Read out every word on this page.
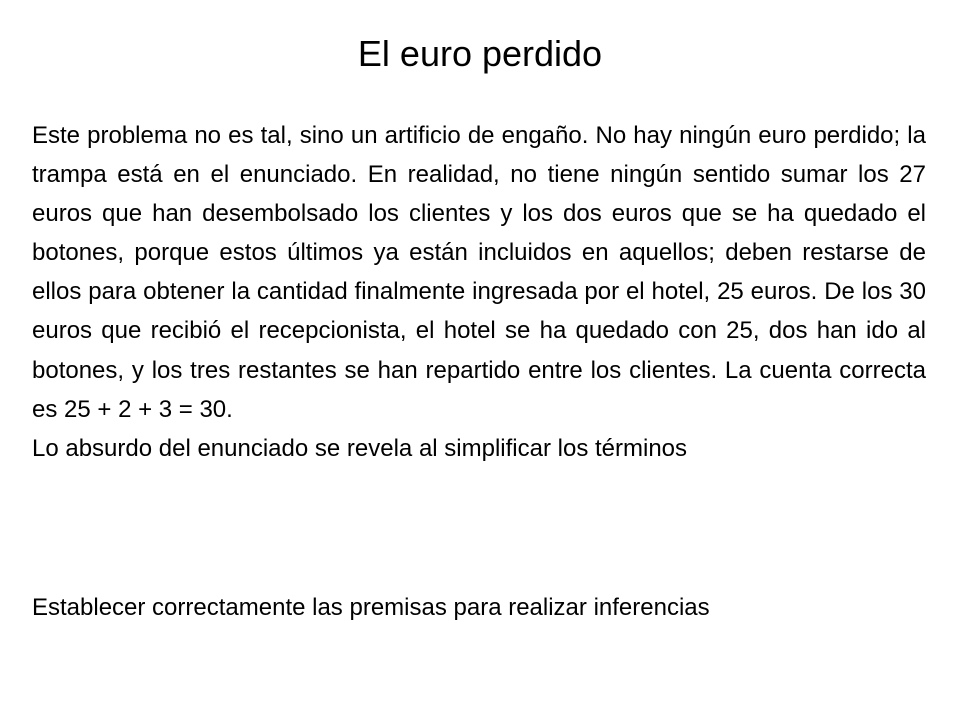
El euro perdido

Este problema no es tal, sino un artificio de engaño. No hay ningún euro perdido; la trampa está en el enunciado. En realidad, no tiene ningún sentido sumar los 27 euros que han desembolsado los clientes y los dos euros que se ha quedado el botones, porque estos últimos ya están incluidos en aquellos; deben restarse de ellos para obtener la cantidad finalmente ingresada por el hotel, 25 euros. De los 30 euros que recibió el recepcionista, el hotel se ha quedado con 25, dos han ido al botones, y los tres restantes se han repartido entre los clientes. La cuenta correcta es 25 + 2 + 3 = 30.

Lo absurdo del enunciado se revela al simplificar los términos

Establecer correctamente las premisas para realizar inferencias
